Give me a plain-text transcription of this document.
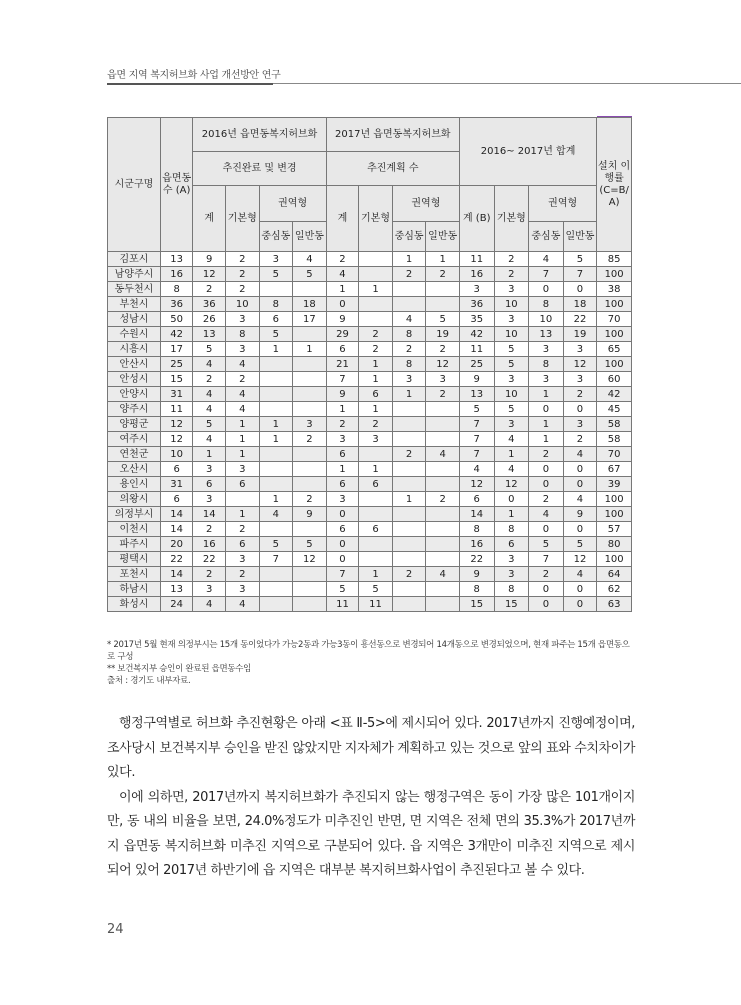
읍면 지역 복지허브화 사업 개선방안 연구
시군구명	읍면동 수 (A)	2016년 읍면동복지허브화				2017년 읍면동복지허브화				2016~ 2017년 합계				설치 이행률 (C=B/ A)
		추진완료 및 변경				추진계획 수								
		계	기본형	권역형		계	기본형	권역형		계 (B)	기본형	권역형		
				중심동	일반동			중심동	일반동			중심동	일반동	
김포시	13	9	2	3	4	2		1	1	11	2	4	5	85
남양주시	16	12	2	5	5	4		2	2	16	2	7	7	100
동두천시	8	2	2			1	1			3	3	0	0	38
부천시	36	36	10	8	18	0				36	10	8	18	100
성남시	50	26	3	6	17	9		4	5	35	3	10	22	70
수원시	42	13	8	5		29	2	8	19	42	10	13	19	100
시흥시	17	5	3	1	1	6	2	2	2	11	5	3	3	65
안산시	25	4	4			21	1	8	12	25	5	8	12	100
안성시	15	2	2			7	1	3	3	9	3	3	3	60
안양시	31	4	4			9	6	1	2	13	10	1	2	42
양주시	11	4	4			1	1			5	5	0	0	45
양평군	12	5	1	1	3	2	2			7	3	1	3	58
여주시	12	4	1	1	2	3	3			7	4	1	2	58
연천군	10	1	1			6		2	4	7	1	2	4	70
오산시	6	3	3			1	1			4	4	0	0	67
용인시	31	6	6			6	6			12	12	0	0	39
의왕시	6	3		1	2	3		1	2	6	0	2	4	100
의정부시	14	14	1	4	9	0				14	1	4	9	100
이천시	14	2	2			6	6			8	8	0	0	57
파주시	20	16	6	5	5	0				16	6	5	5	80
평택시	22	22	3	7	12	0				22	3	7	12	100
포천시	14	2	2			7	1	2	4	9	3	2	4	64
하남시	13	3	3			5	5			8	8	0	0	62
화성시	24	4	4			11	11			15	15	0	0	63

* 2017년 5월 현재 의정부시는 15개 동이었다가 가능2동과 가능3동이 흥선동으로 변경되어 14개동으로 변경되었으며, 현재 파주는 15개 읍면동으로 구성

** 보건복지부 승인이 완료된 읍면동수임

출처 : 경기도 내부자료.

행정구역별로 허브화 추진현황은 아래 <표 Ⅱ-5>에 제시되어 있다. 2017년까지 진행예정이며, 조사당시 보건복지부 승인을 받진 않았지만 지자체가 계획하고 있는 것으로 앞의 표와 수치차이가 있다.

이에 의하면, 2017년까지 복지허브화가 추진되지 않는 행정구역은 동이 가장 많은 101개이지만, 동 내의 비율을 보면, 24.0%정도가 미추진인 반면, 면 지역은 전체 면의 35.3%가 2017년까지 읍면동 복지허브화 미추진 지역으로 구분되어 있다. 읍 지역은 3개만이 미추진 지역으로 제시되어 있어 2017년 하반기에 읍 지역은 대부분 복지허브화사업이 추진된다고 볼 수 있다.

24
